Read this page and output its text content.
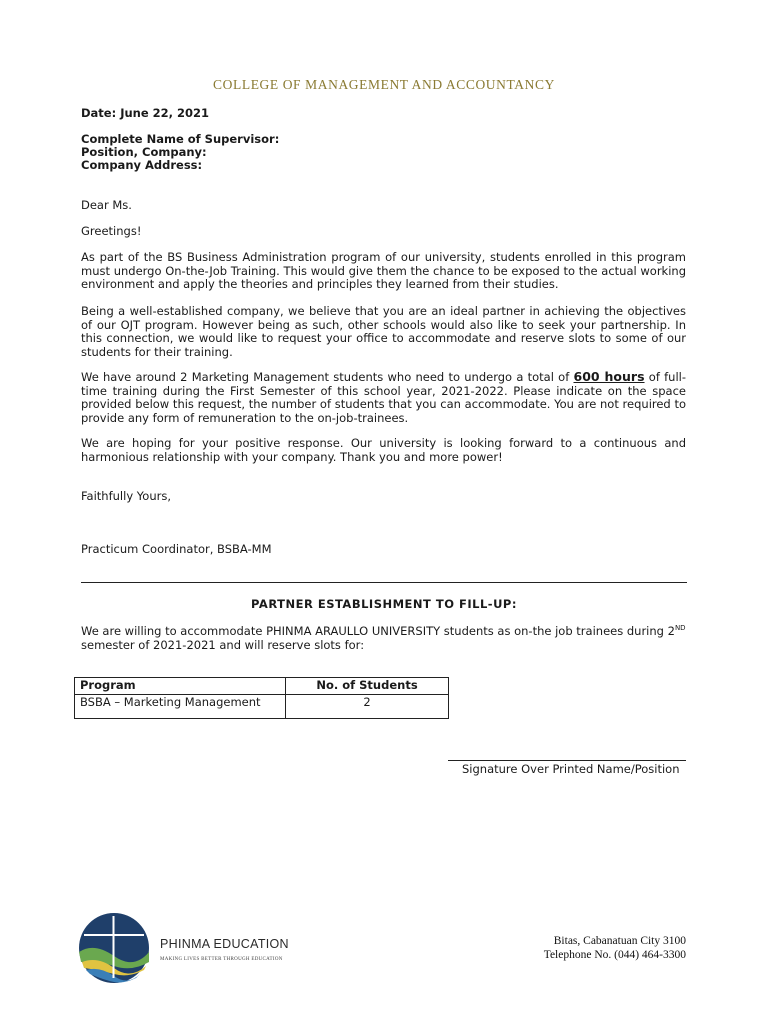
COLLEGE OF MANAGEMENT AND ACCOUNTANCY
Date: June 22, 2021
Complete Name of Supervisor:
Position, Company:
Company Address:
Dear Ms.
Greetings!
As part of the BS Business Administration program of our university, students enrolled in this program must undergo On-the-Job Training. This would give them the chance to be exposed to the actual working environment and apply the theories and principles they learned from their studies.
Being a well-established company, we believe that you are an ideal partner in achieving the objectives of our OJT program. However being as such, other schools would also like to seek your partnership. In this connection, we would like to request your office to accommodate and reserve slots to some of our students for their training.
We have around 2 Marketing Management students who need to undergo a total of 600 hours of full-time training during the First Semester of this school year, 2021-2022. Please indicate on the space provided below this request, the number of students that you can accommodate. You are not required to provide any form of remuneration to the on-job-trainees.
We are hoping for your positive response. Our university is looking forward to a continuous and harmonious relationship with your company. Thank you and more power!
Faithfully Yours,
Practicum Coordinator, BSBA-MM
PARTNER ESTABLISHMENT TO FILL-UP:
We are willing to accommodate PHINMA ARAULLO UNIVERSITY students as on-the job trainees during 2ND semester of 2021-2021 and will reserve slots for:
Program	No. of Students
BSBA – Marketing Management	2
Signature Over Printed Name/Position
PHINMA EDUCATION
MAKING LIVES BETTER THROUGH EDUCATION
Bitas, Cabanatuan City 3100
Telephone No. (044) 464-3300
